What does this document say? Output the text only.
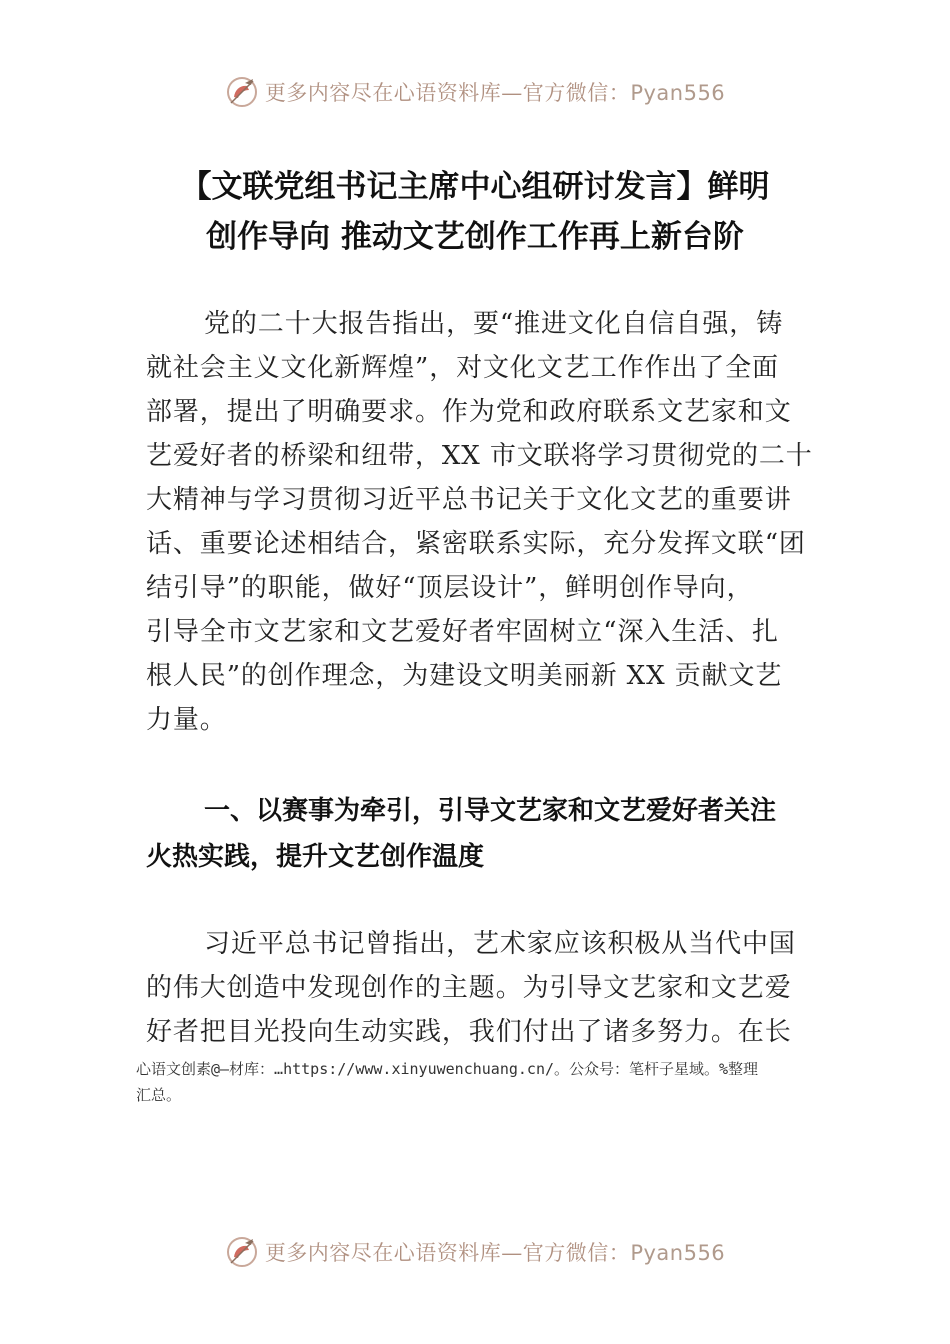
更多内容尽在心语资料库—官方微信：Pyan556
【文联党组书记主席中心组研讨发言】鲜明
创作导向 推动文艺创作工作再上新台阶
党的二十大报告指出，要“推进文化自信自强，铸
就社会主义文化新辉煌”，对文化文艺工作作出了全面
部署，提出了明确要求。作为党和政府联系文艺家和文
艺爱好者的桥梁和纽带，XX 市文联将学习贯彻党的二十
大精神与学习贯彻习近平总书记关于文化文艺的重要讲
话、重要论述相结合，紧密联系实际，充分发挥文联“团
结引导”的职能，做好“顶层设计”，鲜明创作导向，
引导全市文艺家和文艺爱好者牢固树立“深入生活、扎
根人民”的创作理念，为建设文明美丽新 XX 贡献文艺
力量。
一、以赛事为牵引，引导文艺家和文艺爱好者关注
火热实践，提升文艺创作温度
习近平总书记曾指出，艺术家应该积极从当代中国
的伟大创造中发现创作的主题。为引导文艺家和文艺爱
好者把目光投向生动实践，我们付出了诸多努力。在长
心语文创素@—材库：…https://www.xinyuwenchuang.cn/。公众号：笔杆子星域。%整理
汇总。
更多内容尽在心语资料库—官方微信：Pyan556
